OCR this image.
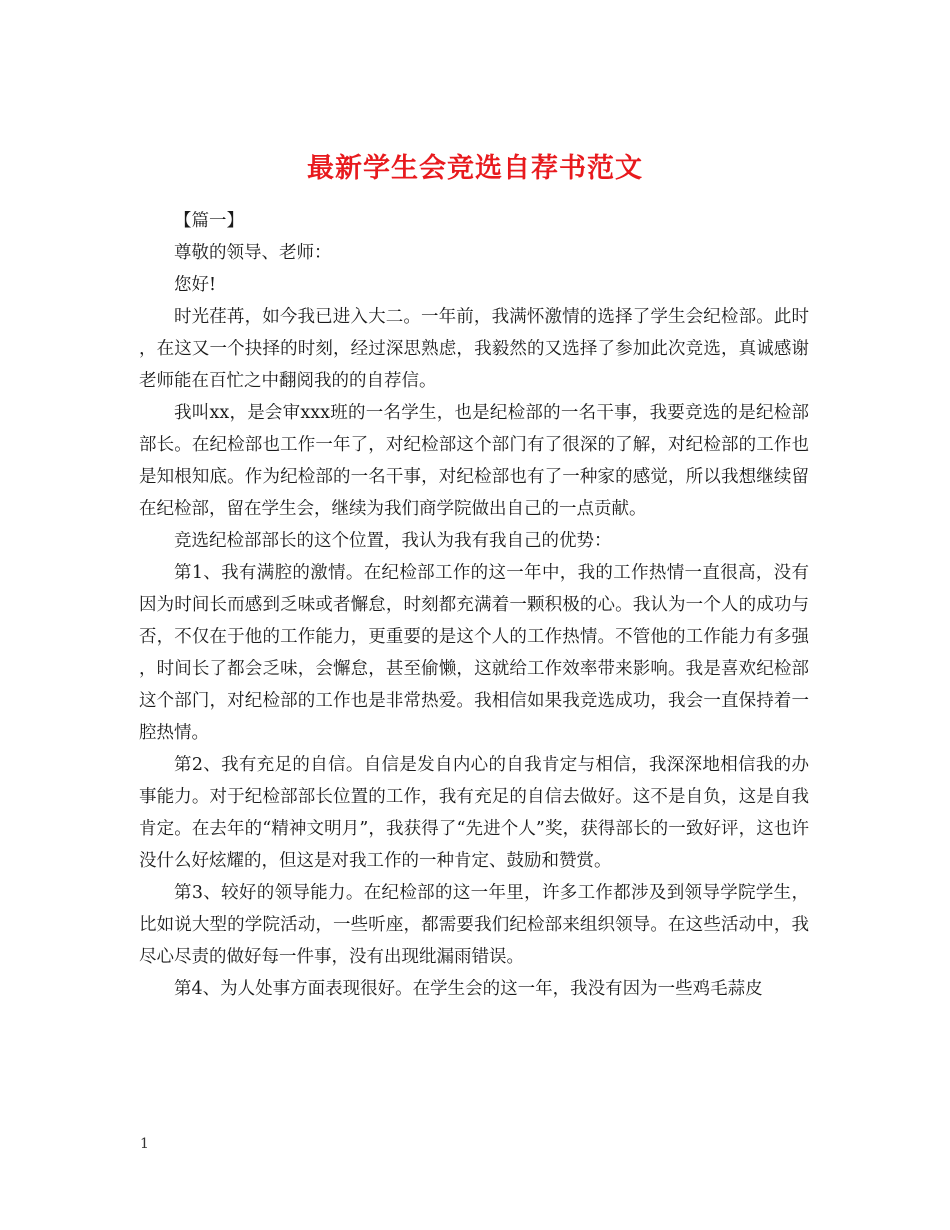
最新学生会竞选自荐书范文

【篇一】

尊敬的领导、老师：

您好!

时光荏苒，如今我已进入大二。一年前，我满怀激情的选择了学生会纪检部。此时，在这又一个抉择的时刻，经过深思熟虑，我毅然的又选择了参加此次竞选，真诚感谢老师能在百忙之中翻阅我的的自荐信。

我叫xx，是会审xxx班的一名学生，也是纪检部的一名干事，我要竞选的是纪检部部长。在纪检部也工作一年了，对纪检部这个部门有了很深的了解，对纪检部的工作也是知根知底。作为纪检部的一名干事，对纪检部也有了一种家的感觉，所以我想继续留在纪检部，留在学生会，继续为我们商学院做出自己的一点贡献。

竞选纪检部部长的这个位置，我认为我有我自己的优势：

第1、我有满腔的激情。在纪检部工作的这一年中，我的工作热情一直很高，没有因为时间长而感到乏味或者懈怠，时刻都充满着一颗积极的心。我认为一个人的成功与否，不仅在于他的工作能力，更重要的是这个人的工作热情。不管他的工作能力有多强，时间长了都会乏味，会懈怠，甚至偷懒，这就给工作效率带来影响。我是喜欢纪检部这个部门，对纪检部的工作也是非常热爱。我相信如果我竞选成功，我会一直保持着一腔热情。

第2、我有充足的自信。自信是发自内心的自我肯定与相信，我深深地相信我的办事能力。对于纪检部部长位置的工作，我有充足的自信去做好。这不是自负，这是自我肯定。在去年的“精神文明月”，我获得了“先进个人”奖，获得部长的一致好评，这也许没什么好炫耀的，但这是对我工作的一种肯定、鼓励和赞赏。

第3、较好的领导能力。在纪检部的这一年里，许多工作都涉及到领导学院学生，比如说大型的学院活动，一些听座，都需要我们纪检部来组织领导。在这些活动中，我尽心尽责的做好每一件事，没有出现纰漏雨错误。

第4、为人处事方面表现很好。在学生会的这一年，我没有因为一些鸡毛蒜皮

1
